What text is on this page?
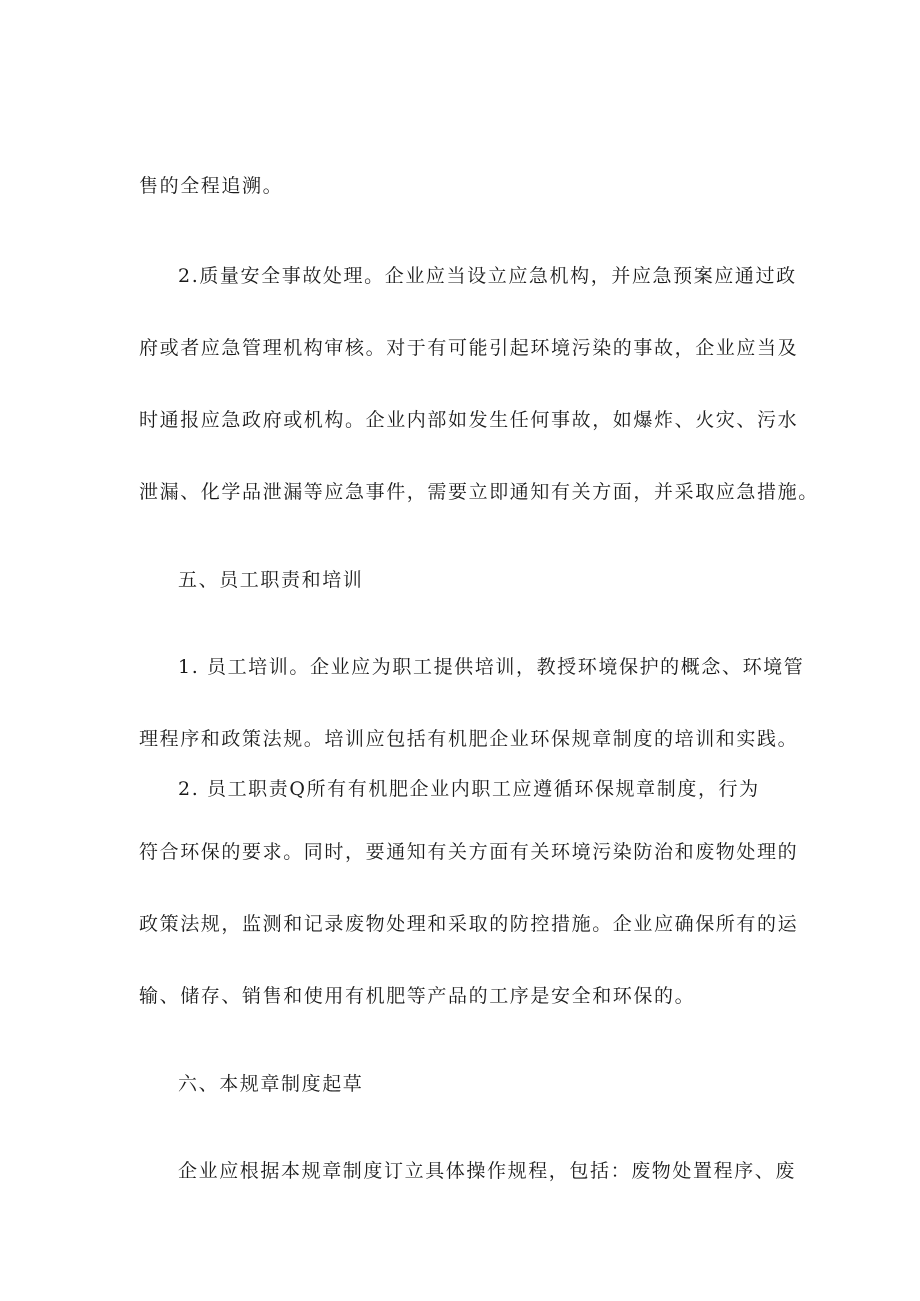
售的全程追溯。
2.质量安全事故处理。企业应当设立应急机构，并应急预案应通过政
府或者应急管理机构审核。对于有可能引起环境污染的事故，企业应当及
时通报应急政府或机构。企业内部如发生任何事故，如爆炸、火灾、污水
泄漏、化学品泄漏等应急事件，需要立即通知有关方面，并采取应急措施。
五、员工职责和培训
1. 员工培训。企业应为职工提供培训，教授环境保护的概念、环境管
理程序和政策法规。培训应包括有机肥企业环保规章制度的培训和实践。
2. 员工职责Q所有有机肥企业内职工应遵循环保规章制度，行为
符合环保的要求。同时，要通知有关方面有关环境污染防治和废物处理的
政策法规，监测和记录废物处理和采取的防控措施。企业应确保所有的运
输、储存、销售和使用有机肥等产品的工序是安全和环保的。
六、本规章制度起草
企业应根据本规章制度订立具体操作规程，包括：废物处置程序、废
